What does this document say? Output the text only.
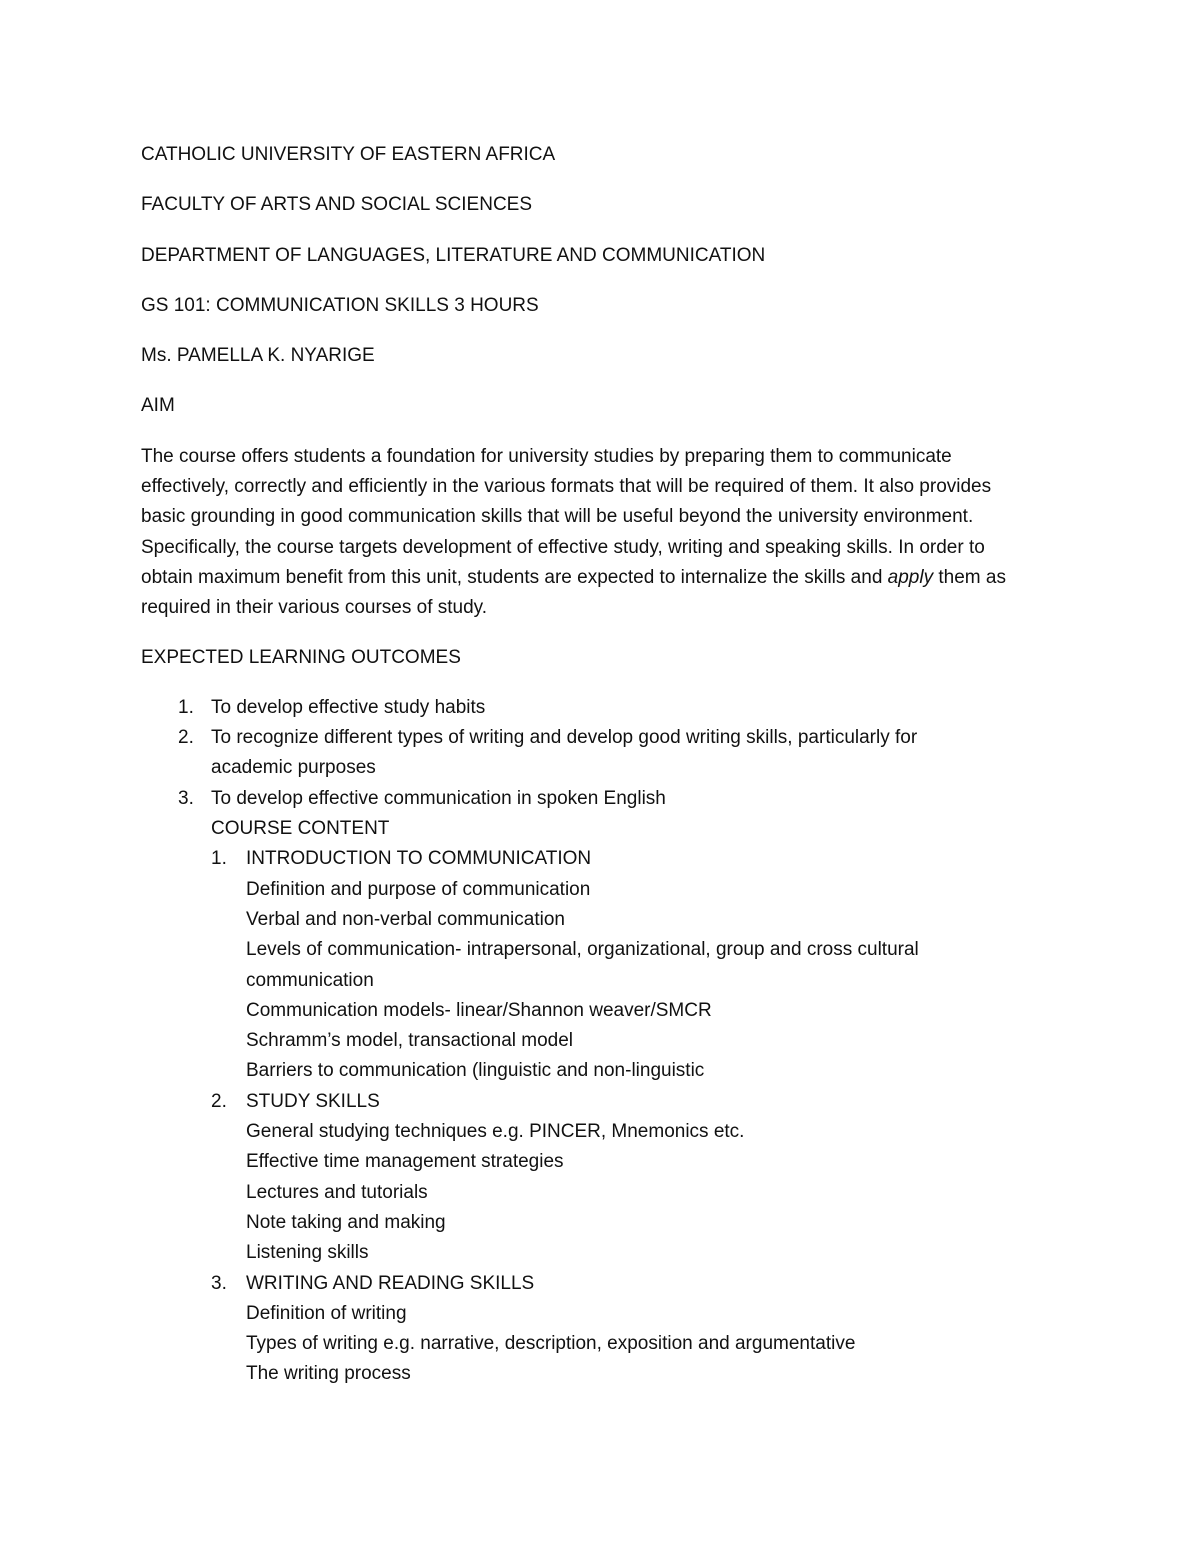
CATHOLIC UNIVERSITY OF EASTERN AFRICA
FACULTY OF ARTS AND SOCIAL SCIENCES
DEPARTMENT OF LANGUAGES, LITERATURE AND COMMUNICATION
GS 101: COMMUNICATION SKILLS 3 HOURS
Ms. PAMELLA K. NYARIGE
AIM

The course offers students a foundation for university studies by preparing them to communicate effectively, correctly and efficiently in the various formats that will be required of them. It also provides basic grounding in good communication skills that will be useful beyond the university environment. Specifically, the course targets development of effective study, writing and speaking skills. In order to obtain maximum benefit from this unit, students are expected to internalize the skills and apply them as required in their various courses of study.

EXPECTED LEARNING OUTCOMES
1. To develop effective study habits
2. To recognize different types of writing and develop good writing skills, particularly for academic purposes
3. To develop effective communication in spoken English
COURSE CONTENT
1. INTRODUCTION TO COMMUNICATION
Definition and purpose of communication
Verbal and non-verbal communication
Levels of communication- intrapersonal, organizational, group and cross cultural communication
Communication models- linear/Shannon weaver/SMCR
Schramm’s model, transactional model
Barriers to communication (linguistic and non-linguistic
2. STUDY SKILLS
General studying techniques e.g. PINCER, Mnemonics etc.
Effective time management strategies
Lectures and tutorials
Note taking and making
Listening skills
3. WRITING AND READING SKILLS
Definition of writing
Types of writing e.g. narrative, description, exposition and argumentative
The writing process
